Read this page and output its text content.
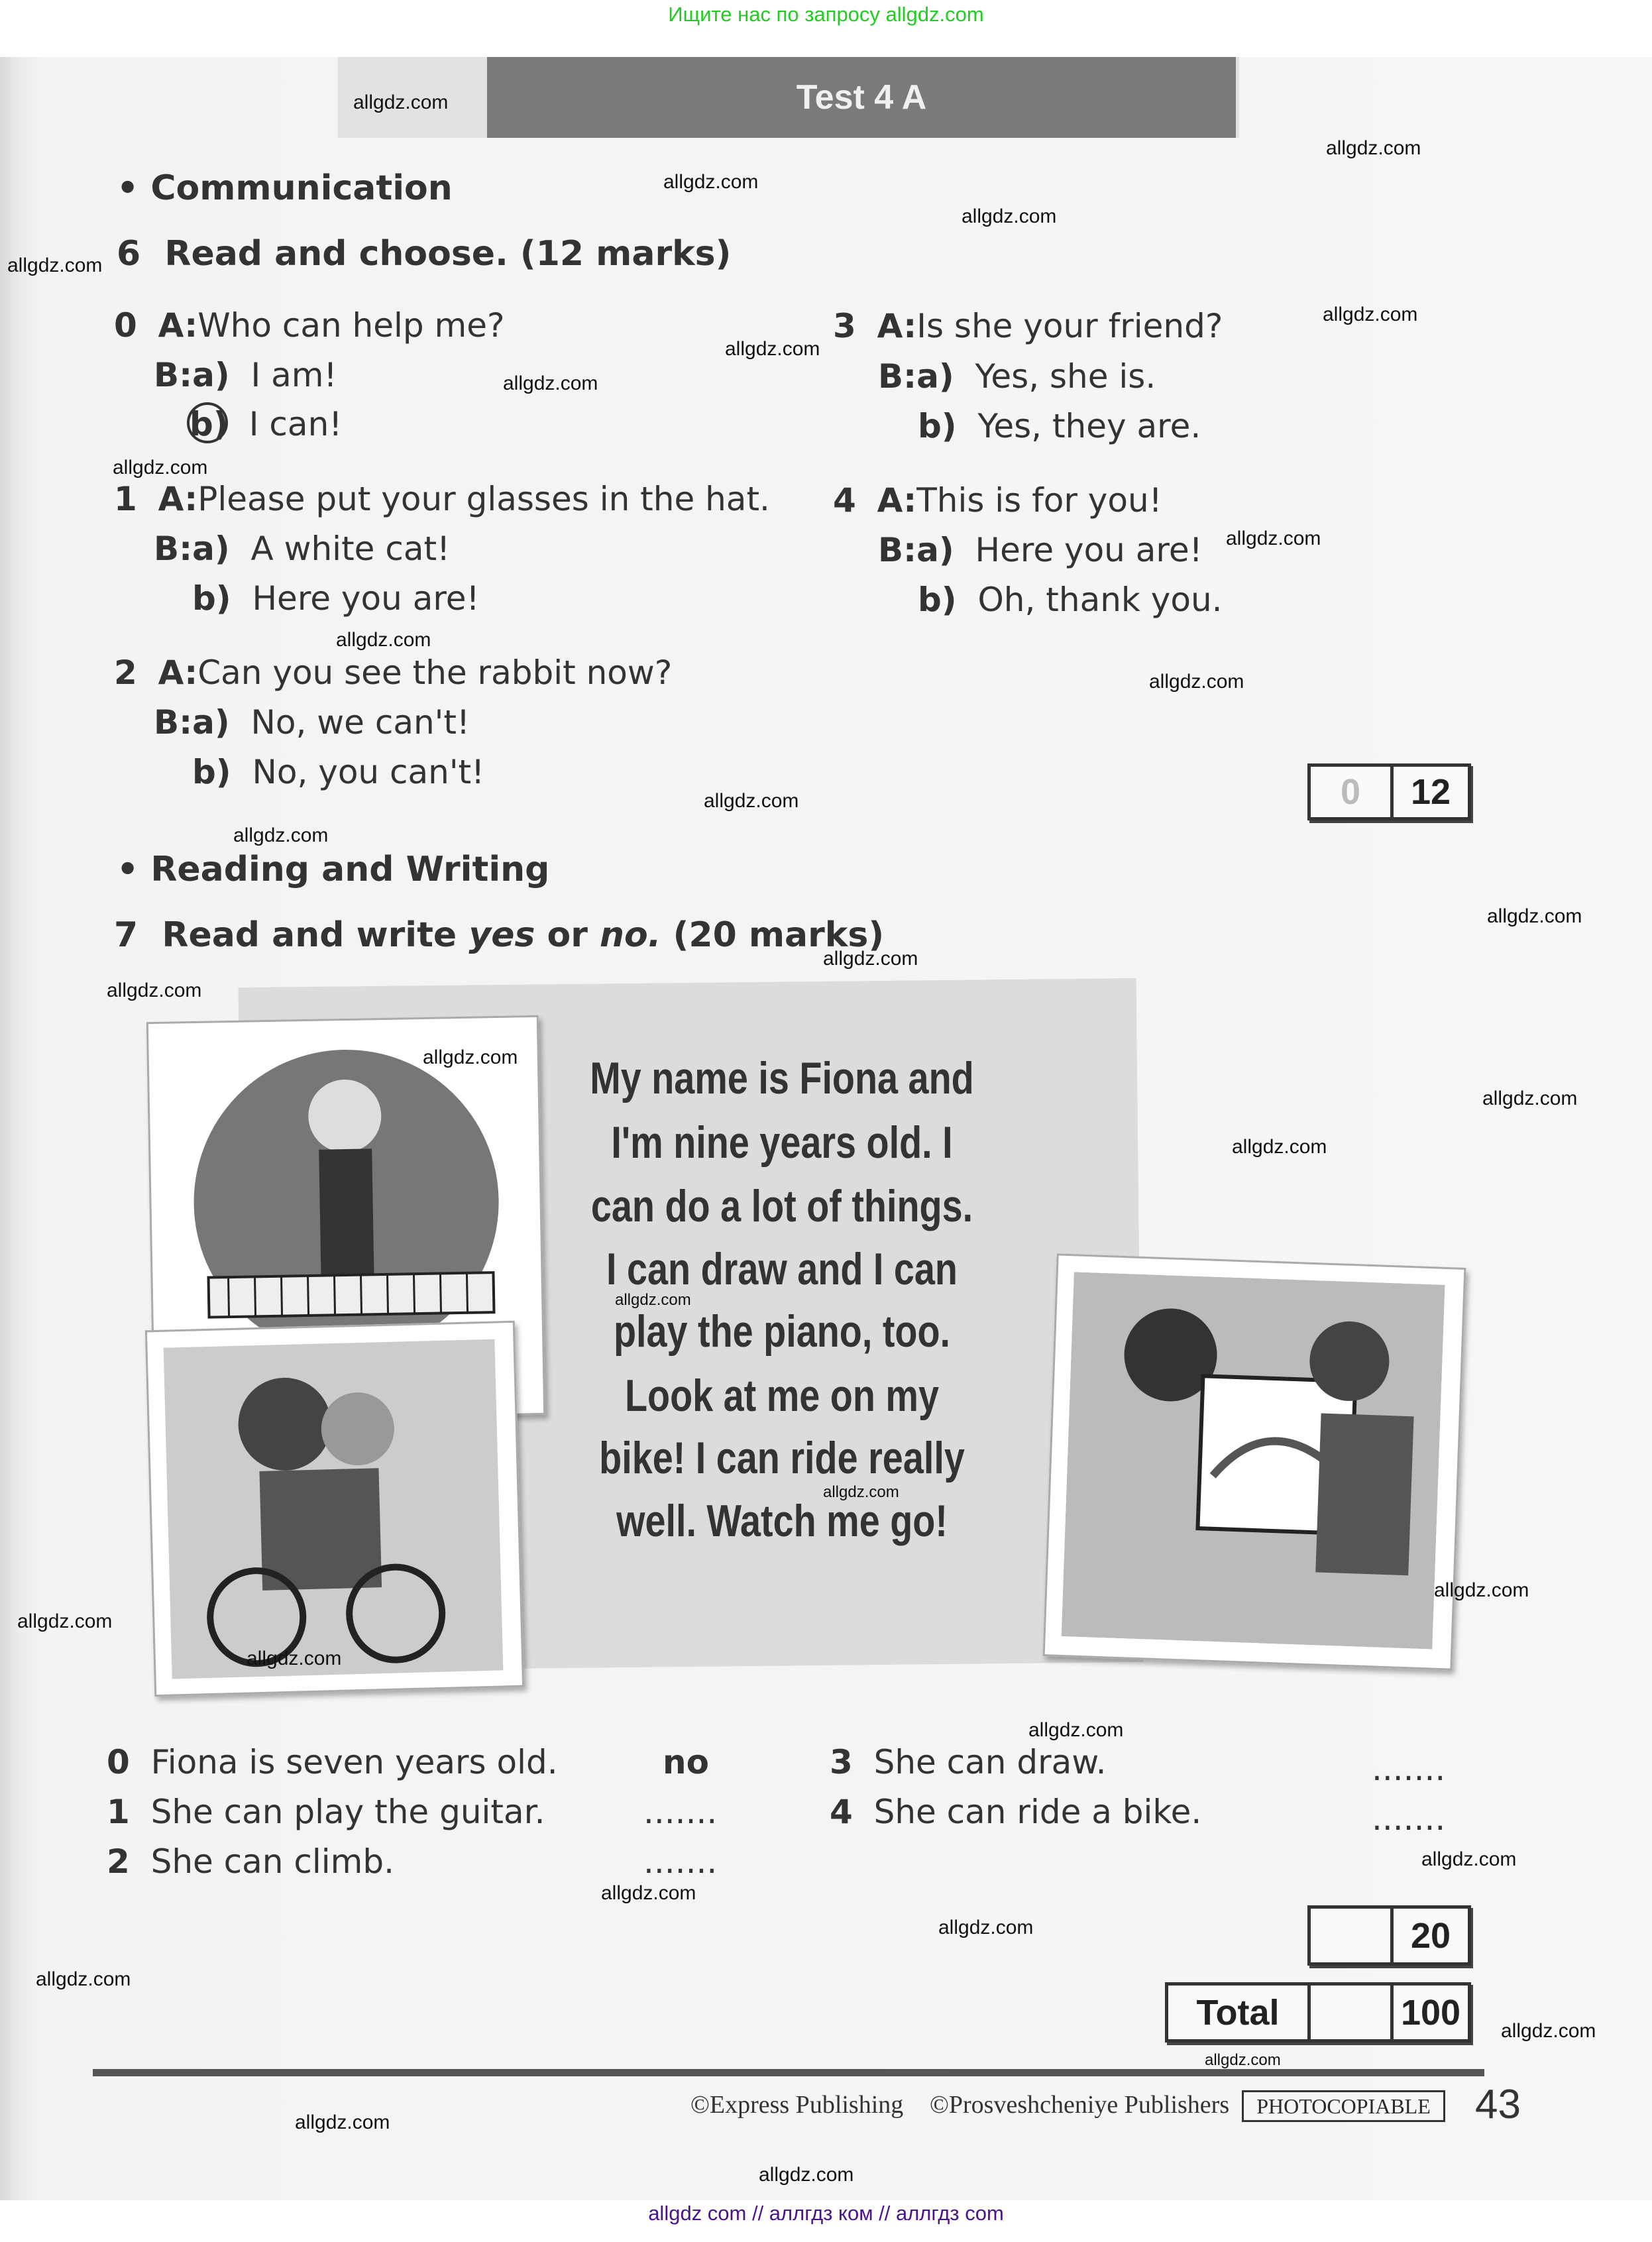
Ищите нас по запросу allgdz.com
Test 4 A
• Communication
6 Read and choose. (12 marks)
0 A:Who can help me?
B:a) I am!
b) I can!
1 A:Please put your glasses in the hat.
B:a) A white cat!
b) Here you are!
2 A:Can you see the rabbit now?
B:a) No, we can't!
b) No, you can't!
3 A:Is she your friend?
B:a) Yes, she is.
b) Yes, they are.
4 A:This is for you!
B:a) Here you are!
b) Oh, thank you.
0	12
• Reading and Writing
7 Read and write yes or no. (20 marks)
My name is Fiona and
I'm nine years old. I
can do a lot of things.
I can draw and I can
play the piano, too.
Look at me on my
bike! I can ride really
well. Watch me go!
0 Fiona is seven years old.	no
1 She can play the guitar.	.......
2 She can climb.	.......
3 She can draw.	.......
4 She can ride a bike.	.......
20
Total	100
©Express Publishing ©Prosveshcheniye Publishers	PHOTOCOPIABLE	43
allgdz.com
allgdz.com
allgdz.com
allgdz.com
allgdz.com
allgdz.com
allgdz.com
allgdz.com
allgdz.com
allgdz.com
allgdz.com
allgdz.com
allgdz.com
allgdz.com
allgdz.com
allgdz.com
allgdz.com
allgdz.com
allgdz.com
allgdz.com
allgdz.com
allgdz.com
allgdz.com
allgdz.com
allgdz.com
allgdz.com
allgdz.com
allgdz.com
allgdz.com
allgdz.com
allgdz.com
allgdz.com
allgdz.com
allgdz.com
allgdz com // аллгдз ком // аллгдз com
